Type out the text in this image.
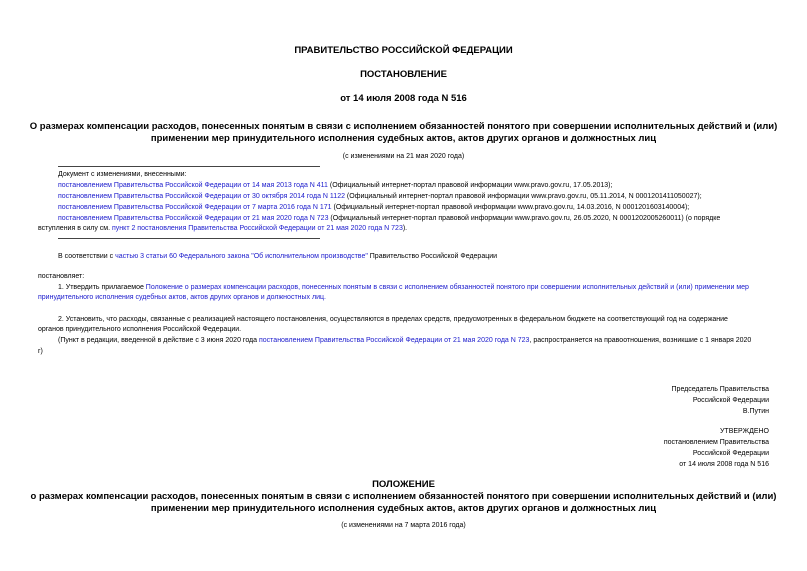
ПРАВИТЕЛЬСТВО РОССИЙСКОЙ ФЕДЕРАЦИИ
ПОСТАНОВЛЕНИЕ
от 14 июля 2008 года N 516
О размерах компенсации расходов, понесенных понятым в связи с исполнением обязанностей понятого при совершении исполнительных действий и (или)
применении мер принудительного исполнения судебных актов, актов других органов и должностных лиц
(с изменениями на 21 мая 2020 года)
Документ с изменениями, внесенными:
постановлением Правительства Российской Федерации от 14 мая 2013 года N 411 (Официальный интернет-портал правовой информации www.pravo.gov.ru, 17.05.2013);
постановлением Правительства Российской Федерации от 30 октября 2014 года N 1122 (Официальный интернет-портал правовой информации www.pravo.gov.ru, 05.11.2014, N 0001201411050027);
постановлением Правительства Российской Федерации от 7 марта 2016 года N 171 (Официальный интернет-портал правовой информации www.pravo.gov.ru, 14.03.2016, N 0001201603140004);
постановлением Правительства Российской Федерации от 21 мая 2020 года N 723 (Официальный интернет-портал правовой информации www.pravo.gov.ru, 26.05.2020, N 0001202005260011) (о порядке
вступления в силу см. пункт 2 постановления Правительства Российской Федерации от 21 мая 2020 года N 723).
В соответствии с частью 3 статьи 60 Федерального закона "Об исполнительном производстве" Правительство Российской Федерации
постановляет:
1. Утвердить прилагаемое Положение о размерах компенсации расходов, понесенных понятым в связи с исполнением обязанностей понятого при совершении исполнительных действий и (или) применении мер
принудительного исполнения судебных актов, актов других органов и должностных лиц.
2. Установить, что расходы, связанные с реализацией настоящего постановления, осуществляются в пределах средств, предусмотренных в федеральном бюджете на соответствующий год на содержание
органов принудительного исполнения Российской Федерации.
(Пункт в редакции, введенной в действие с 3 июня 2020 года постановлением Правительства Российской Федерации от 21 мая 2020 года N 723, распространяется на правоотношения, возникшие с 1 января 2020
г)
Председатель Правительства
Российской Федерации
В.Путин
УТВЕРЖДЕНО
постановлением Правительства
Российской Федерации
от 14 июля 2008 года N 516
ПОЛОЖЕНИЕ
о размерах компенсации расходов, понесенных понятым в связи с исполнением обязанностей понятого при совершении исполнительных действий и (или)
применении мер принудительного исполнения судебных актов, актов других органов и должностных лиц
(с изменениями на 7 марта 2016 года)
